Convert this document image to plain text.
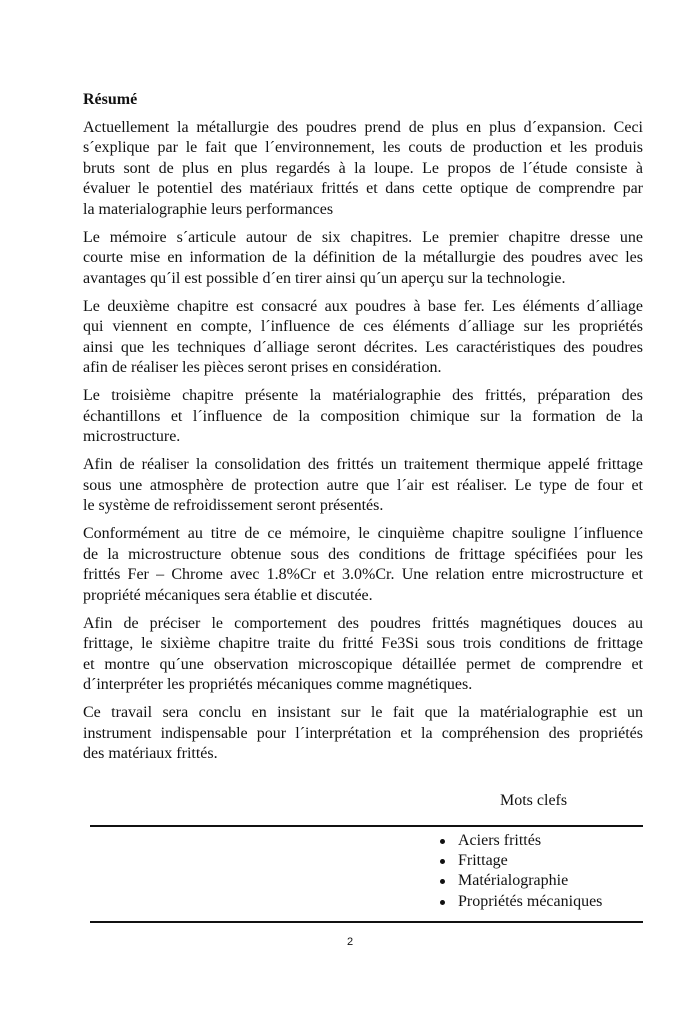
Résumé
Actuellement la métallurgie des poudres prend de plus en plus d´expansion. Ceci
s´explique par le fait que l´environnement, les couts de production et les produis
bruts sont de plus en plus regardés à la loupe. Le propos de l´étude consiste à
évaluer le potentiel des matériaux frittés et dans cette optique de comprendre par
la materialographie leurs performances
Le mémoire s´articule autour de six chapitres. Le premier chapitre dresse une
courte mise en information de la définition de la métallurgie des poudres avec les
avantages qu´il est possible d´en tirer ainsi qu´un aperçu sur la technologie.
Le deuxième chapitre est consacré aux poudres à base fer. Les éléments d´alliage
qui viennent en compte, l´influence de ces éléments d´alliage sur les propriétés
ainsi que les techniques d´alliage seront décrites. Les caractéristiques des poudres
afin de réaliser les pièces seront prises en considération.
Le troisième chapitre présente la matérialographie des frittés, préparation des
échantillons et l´influence de la composition chimique sur la formation de la
microstructure.
Afin de réaliser la consolidation des frittés un traitement thermique appelé frittage
sous une atmosphère de protection autre que l´air est réaliser. Le type de four et
le système de refroidissement seront présentés.
Conformément au titre de ce mémoire, le cinquième chapitre souligne l´influence
de la microstructure obtenue sous des conditions de frittage spécifiées pour les
frittés Fer – Chrome avec 1.8%Cr et 3.0%Cr. Une relation entre microstructure et
propriété mécaniques sera établie et discutée.
Afin de préciser le comportement des poudres frittés magnétiques douces au
frittage, le sixième chapitre traite du fritté Fe3Si sous trois conditions de frittage
et montre qu´une observation microscopique détaillée permet de comprendre et
d´interpréter les propriétés mécaniques comme magnétiques.
Ce travail sera conclu en insistant sur le fait que la matérialographie est un
instrument indispensable pour l´interprétation et la compréhension des propriétés
des matériaux frittés.
Mots clefs
Aciers frittés
Frittage
Matérialographie
Propriétés mécaniques
2
